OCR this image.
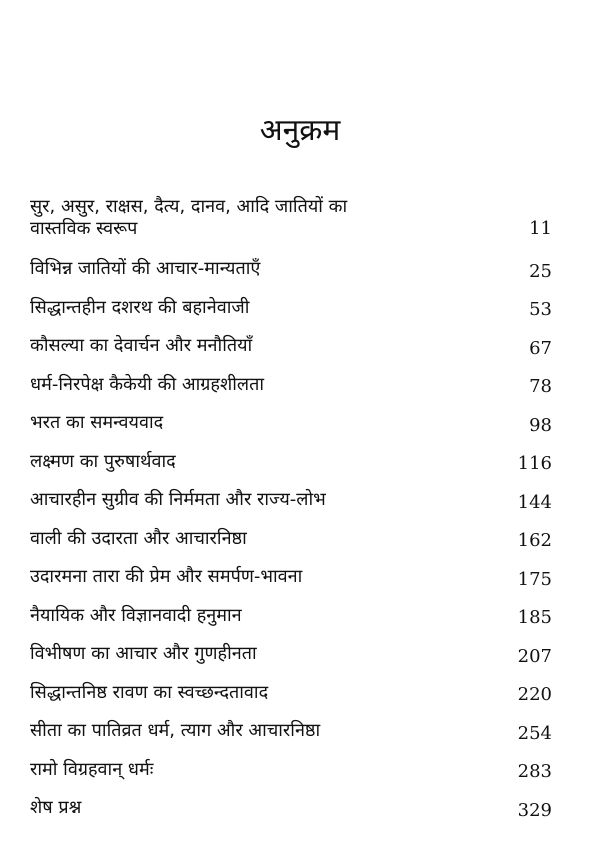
अनुक्रम
सुर, असुर, राक्षस, दैत्य, दानव, आदि जातियों का
वास्तविक स्वरूप	11
विभिन्न जातियों की आचार-मान्यताएँ	25
सिद्धान्तहीन दशरथ की बहानेवाजी	53
कौसल्या का देवार्चन और मनौतियाँ	67
धर्म-निरपेक्ष कैकेयी की आग्रहशीलता	78
भरत का समन्वयवाद	98
लक्ष्मण का पुरुषार्थवाद	116
आचारहीन सुग्रीव की निर्ममता और राज्य-लोभ	144
वाली की उदारता और आचारनिष्ठा	162
उदारमना तारा की प्रेम और समर्पण-भावना	175
नैयायिक और विज्ञानवादी हनुमान	185
विभीषण का आचार और गुणहीनता	207
सिद्धान्तनिष्ठ रावण का स्वच्छन्दतावाद	220
सीता का पातिव्रत धर्म, त्याग और आचारनिष्ठा	254
रामो विग्रहवान् धर्मः	283
शेष प्रश्न	329
